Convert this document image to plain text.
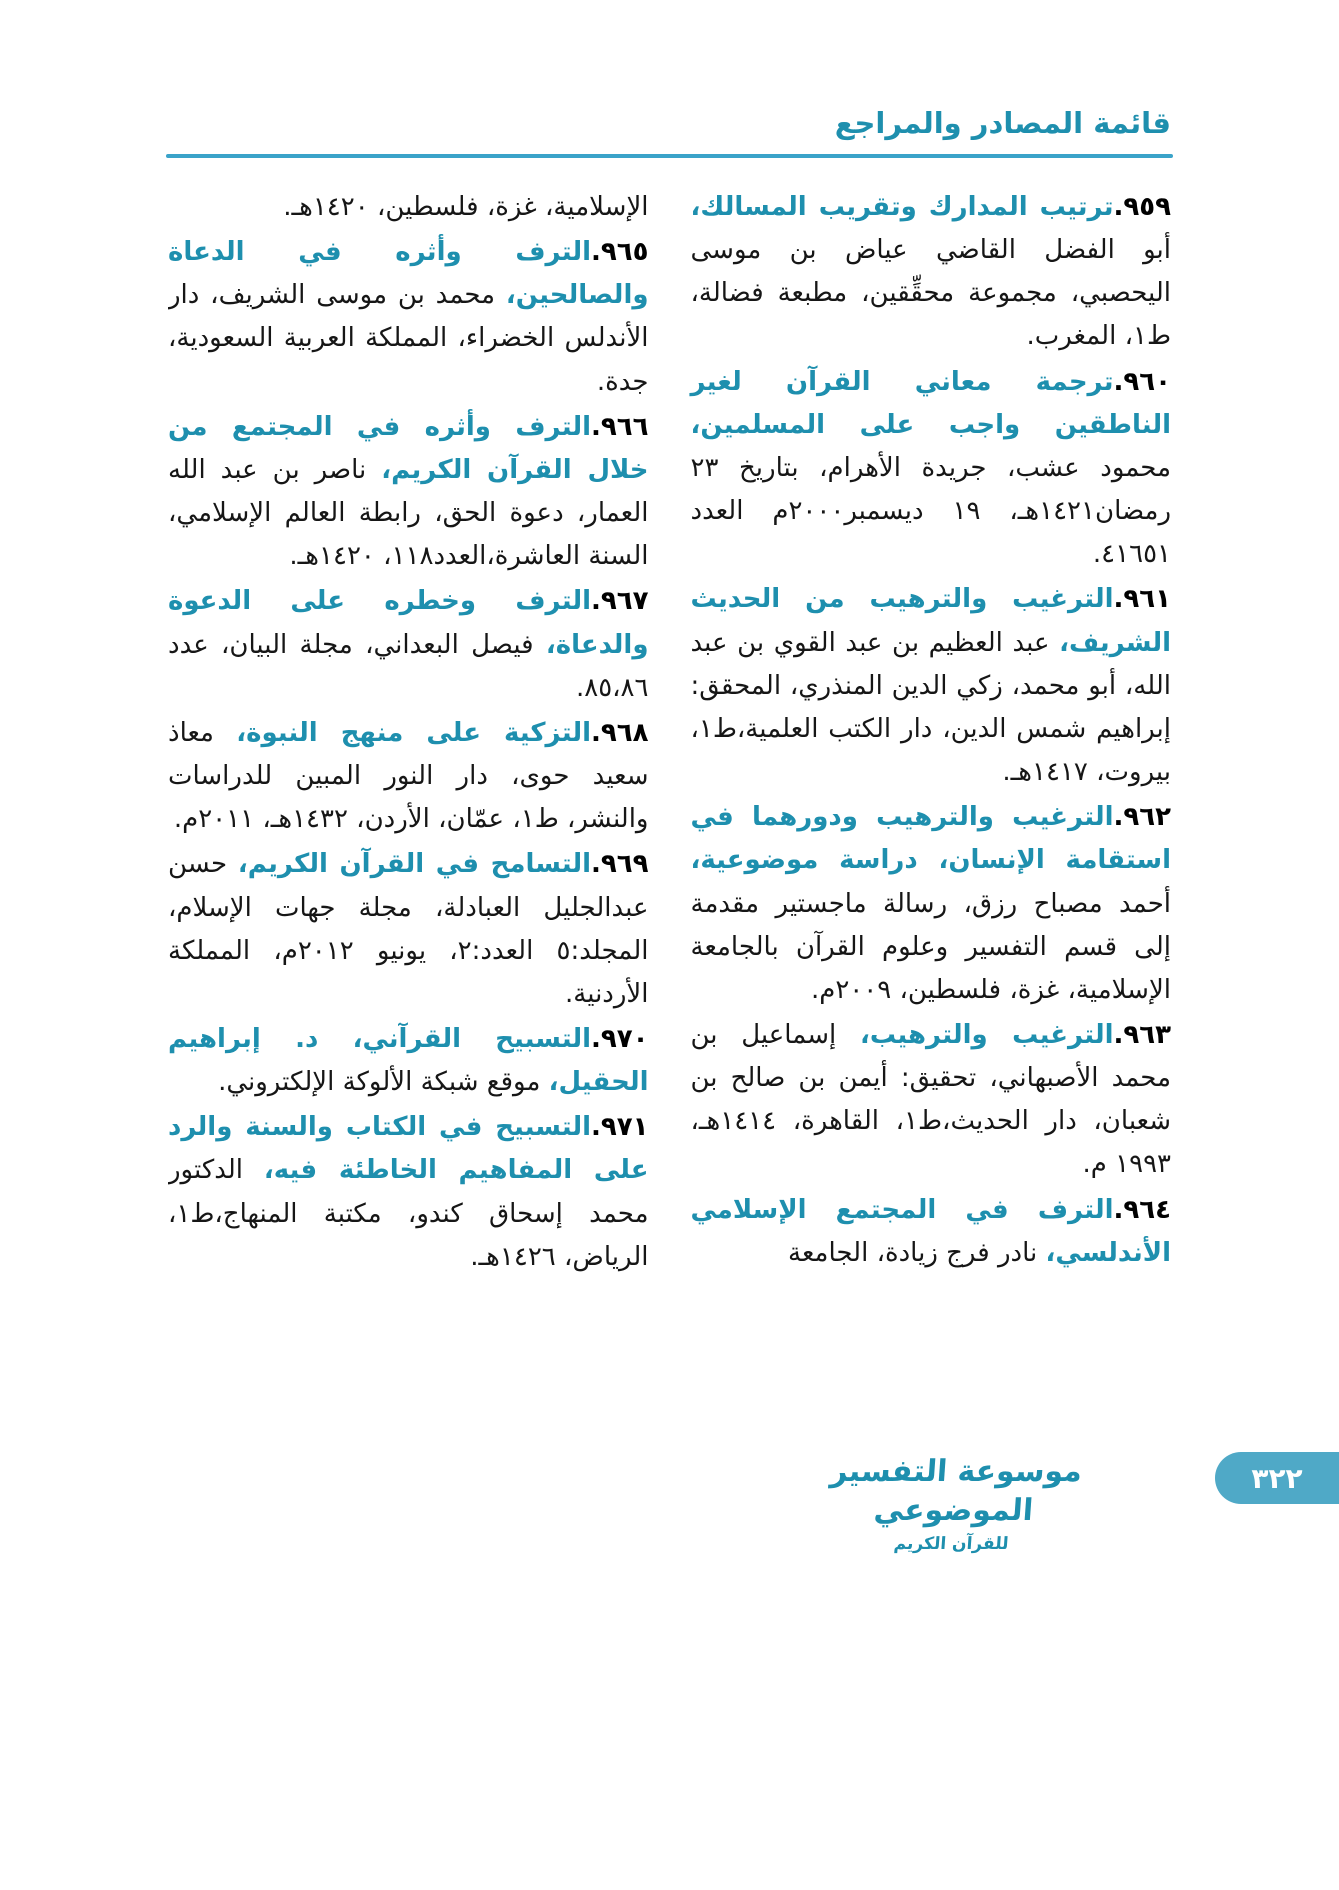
قائمة المصادر والمراجع

٩٥٩.ترتيب المدارك وتقريب المسالك، أبو الفضل القاضي عياض بن موسى اليحصبي، مجموعة محقِّقين، مطبعة فضالة، ط١، المغرب.

٩٦٠.ترجمة معاني القرآن لغير الناطقين واجب على المسلمين، محمود عشب، جريدة الأهرام، بتاريخ ٢٣ رمضان١٤٢١هـ، ١٩ ديسمبر٢٠٠٠م العدد ٤١٦٥١.

٩٦١.الترغيب والترهيب من الحديث الشريف، عبد العظيم بن عبد القوي بن عبد الله، أبو محمد، زكي الدين المنذري، المحقق: إبراهيم شمس الدين، دار الكتب العلمية،ط١، بيروت، ١٤١٧هـ.

٩٦٢.الترغيب والترهيب ودورهما في استقامة الإنسان، دراسة موضوعية، أحمد مصباح رزق، رسالة ماجستير مقدمة إلى قسم التفسير وعلوم القرآن بالجامعة الإسلامية، غزة، فلسطين، ٢٠٠٩م.

٩٦٣.الترغيب والترهيب، إسماعيل بن محمد الأصبهاني، تحقيق: أيمن بن صالح بن شعبان، دار الحديث،ط١، القاهرة، ١٤١٤هـ، ١٩٩٣ م.

٩٦٤.الترف في المجتمع الإسلامي الأندلسي، نادر فرج زيادة، الجامعة

الإسلامية، غزة، فلسطين، ١٤٢٠هـ.

٩٦٥.الترف وأثره في الدعاة والصالحين، محمد بن موسى الشريف، دار الأندلس الخضراء، المملكة العربية السعودية، جدة.

٩٦٦.الترف وأثره في المجتمع من خلال القرآن الكريم، ناصر بن عبد الله العمار، دعوة الحق، رابطة العالم الإسلامي، السنة العاشرة،العدد١١٨، ١٤٢٠هـ.

٩٦٧.الترف وخطره على الدعوة والدعاة، فيصل البعداني، مجلة البيان، عدد ٨٥،٨٦.

٩٦٨.التزكية على منهج النبوة، معاذ سعيد حوى، دار النور المبين للدراسات والنشر، ط١، عمّان، الأردن، ١٤٣٢هـ، ٢٠١١م.

٩٦٩.التسامح في القرآن الكريم، حسن عبدالجليل العبادلة، مجلة جهات الإسلام، المجلد:٥ العدد:٢، يونيو ٢٠١٢م، المملكة الأردنية.

٩٧٠.التسبيح القرآني، د. إبراهيم الحقيل، موقع شبكة الألوكة الإلكتروني.

٩٧١.التسبيح في الكتاب والسنة والرد على المفاهيم الخاطئة فيه، الدكتور محمد إسحاق كندو، مكتبة المنهاج،ط١، الرياض، ١٤٢٦هـ.

موسوعة التفسير الموضوعي
للقرآن الكريم
٣٢٢
